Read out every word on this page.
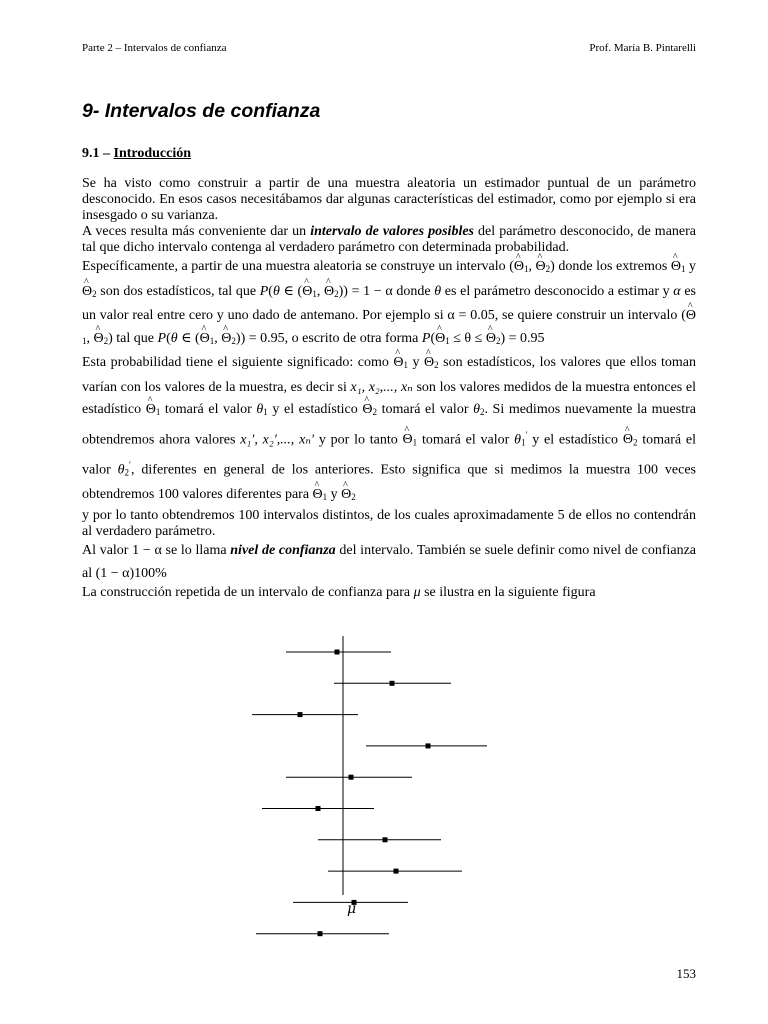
Parte 2 – Intervalos de confianza	Prof. María B. Pintarelli
9- Intervalos de confianza
9.1 – Introducción

Se ha visto como construir a partir de una muestra aleatoria un estimador puntual de un parámetro desconocido. En esos casos necesitábamos dar algunas características del estimador, como por ejemplo si era insesgado o su varianza.

A veces resulta más conveniente dar un intervalo de valores posibles del parámetro desconocido, de manera tal que dicho intervalo contenga al verdadero parámetro con determinada probabilidad.

Específicamente, a partir de una muestra aleatoria se construye un intervalo (^ $\Theta_1$, ^ $\Theta_2$) donde los extremos ^ $\Theta_1$ y ^ $\Theta_2$ son dos estadísticos, tal que P(θ ∈ (^ $\Theta_1$, ^ $\Theta_2)) = 1 - \alpha$ donde θ es el parámetro desconocido a estimar y α es un valor real entre cero y uno dado de antemano. Por ejemplo si α = 0.05, se quiere construir un intervalo (^ $\Theta_1$, ^ $\Theta_2$) tal que P(θ ∈ (^ $\Theta_1$, ^ $\Theta_2)) = 0.95$, o escrito de otra forma P(^ $\Theta_1 \le \theta$ ≤ ^ $\Theta_2) = 0.95$

Esta probabilidad tiene el siguiente significado: como ^ $\Theta_1$ y ^ $\Theta_2$ son estadísticos, los valores que ellos toman varían con los valores de la muestra, es decir si x₁, x₂,..., xₙ son los valores medidos de la muestra entonces el estadístico ^ $\Theta_1$ tomará el valor $\theta_1$ y el estadístico ^ $\Theta_2$ tomará el valor $\theta_2$. Si medimos nuevamente la muestra obtendremos ahora valores x₁′, x₂′,..., xₙ′ y por lo tanto ^ $\Theta_1$ tomará el valor $\theta_1'$ y el estadístico ^ $\Theta_2$ tomará el valor $\theta_2'$, diferentes en general de los anteriores. Esto significa que si medimos la muestra 100 veces obtendremos 100 valores diferentes para ^ $\Theta_1$ y ^ $\Theta_2$

y por lo tanto obtendremos 100 intervalos distintos, de los cuales aproximadamente 5 de ellos no contendrán al verdadero parámetro.

Al valor 1 − α se lo llama nivel de confianza del intervalo. También se suele definir como nivel de confianza al (1 − α)100%

La construcción repetida de un intervalo de confianza para μ se ilustra en la siguiente figura

μ
153
